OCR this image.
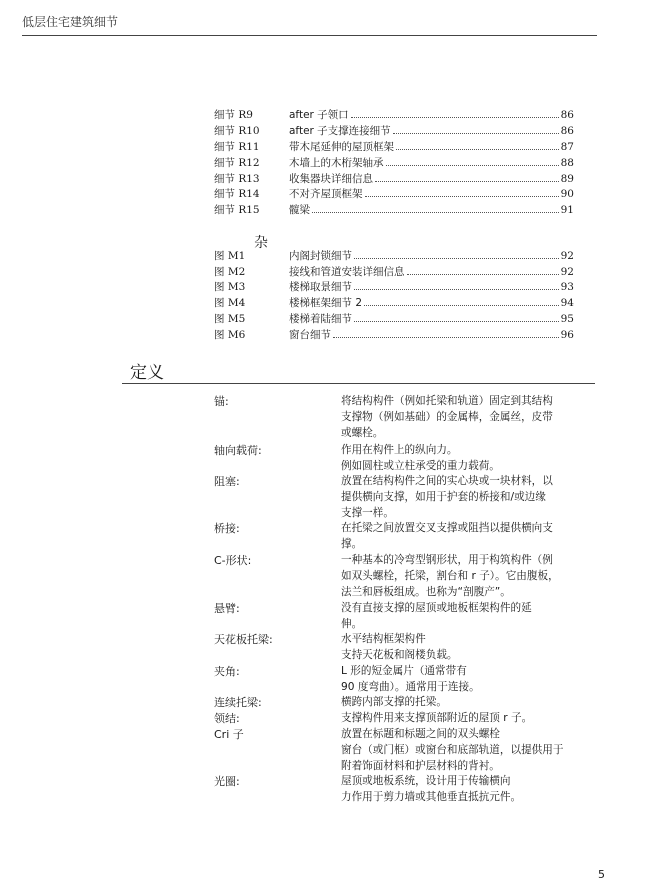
低层住宅建筑细节
细节 R9	after 子领口	86
细节 R10	after 子支撑连接细节	86
细节 R11	带木尾延伸的屋顶框架	87
细节 R12	木墙上的木桁架轴承	88
细节 R13	收集器块详细信息	89
细节 R14	不对齐屋顶框架	90
细节 R15	髋梁	91
杂
图 M1	内阁封锁细节	92
图 M2	接线和管道安装详细信息	92
图 M3	楼梯取景细节	93
图 M4	楼梯框架细节 2	94
图 M5	楼梯着陆细节	95
图 M6	窗台细节	96
定义
锚:	将结构构件（例如托梁和轨道）固定到其结构
支撑物（例如基础）的金属棒，金属丝，皮带
或螺栓。
轴向载荷:	作用在构件上的纵向力。
例如圆柱或立柱承受的重力载荷。
阻塞:	放置在结构构件之间的实心块或一块材料，以
提供横向支撑，如用于护套的桥接和/或边缘
支撑一样。
桥接:	在托梁之间放置交叉支撑或阻挡以提供横向支
撑。
C-形状:	一种基本的冷弯型钢形状，用于构筑构件（例
如双头螺栓，托梁，割台和 r 子）。它由腹板，
法兰和唇板组成。也称为“剖腹产”。
悬臂:	没有直接支撑的屋顶或地板框架构件的延
伸。
天花板托梁:	水平结构框架构件
支持天花板和阁楼负载。
夹角:	L 形的短金属片（通常带有
90 度弯曲）。通常用于连接。
连续托梁:	横跨内部支撑的托梁。
领结:	支撑构件用来支撑顶部附近的屋顶 r 子。
Cri 子	放置在标题和标题之间的双头螺栓
窗台（或门框）或窗台和底部轨道，以提供用于
附着饰面材料和护层材料的背衬。
光圈:	屋顶或地板系统，设计用于传输横向
力作用于剪力墙或其他垂直抵抗元件。
5
